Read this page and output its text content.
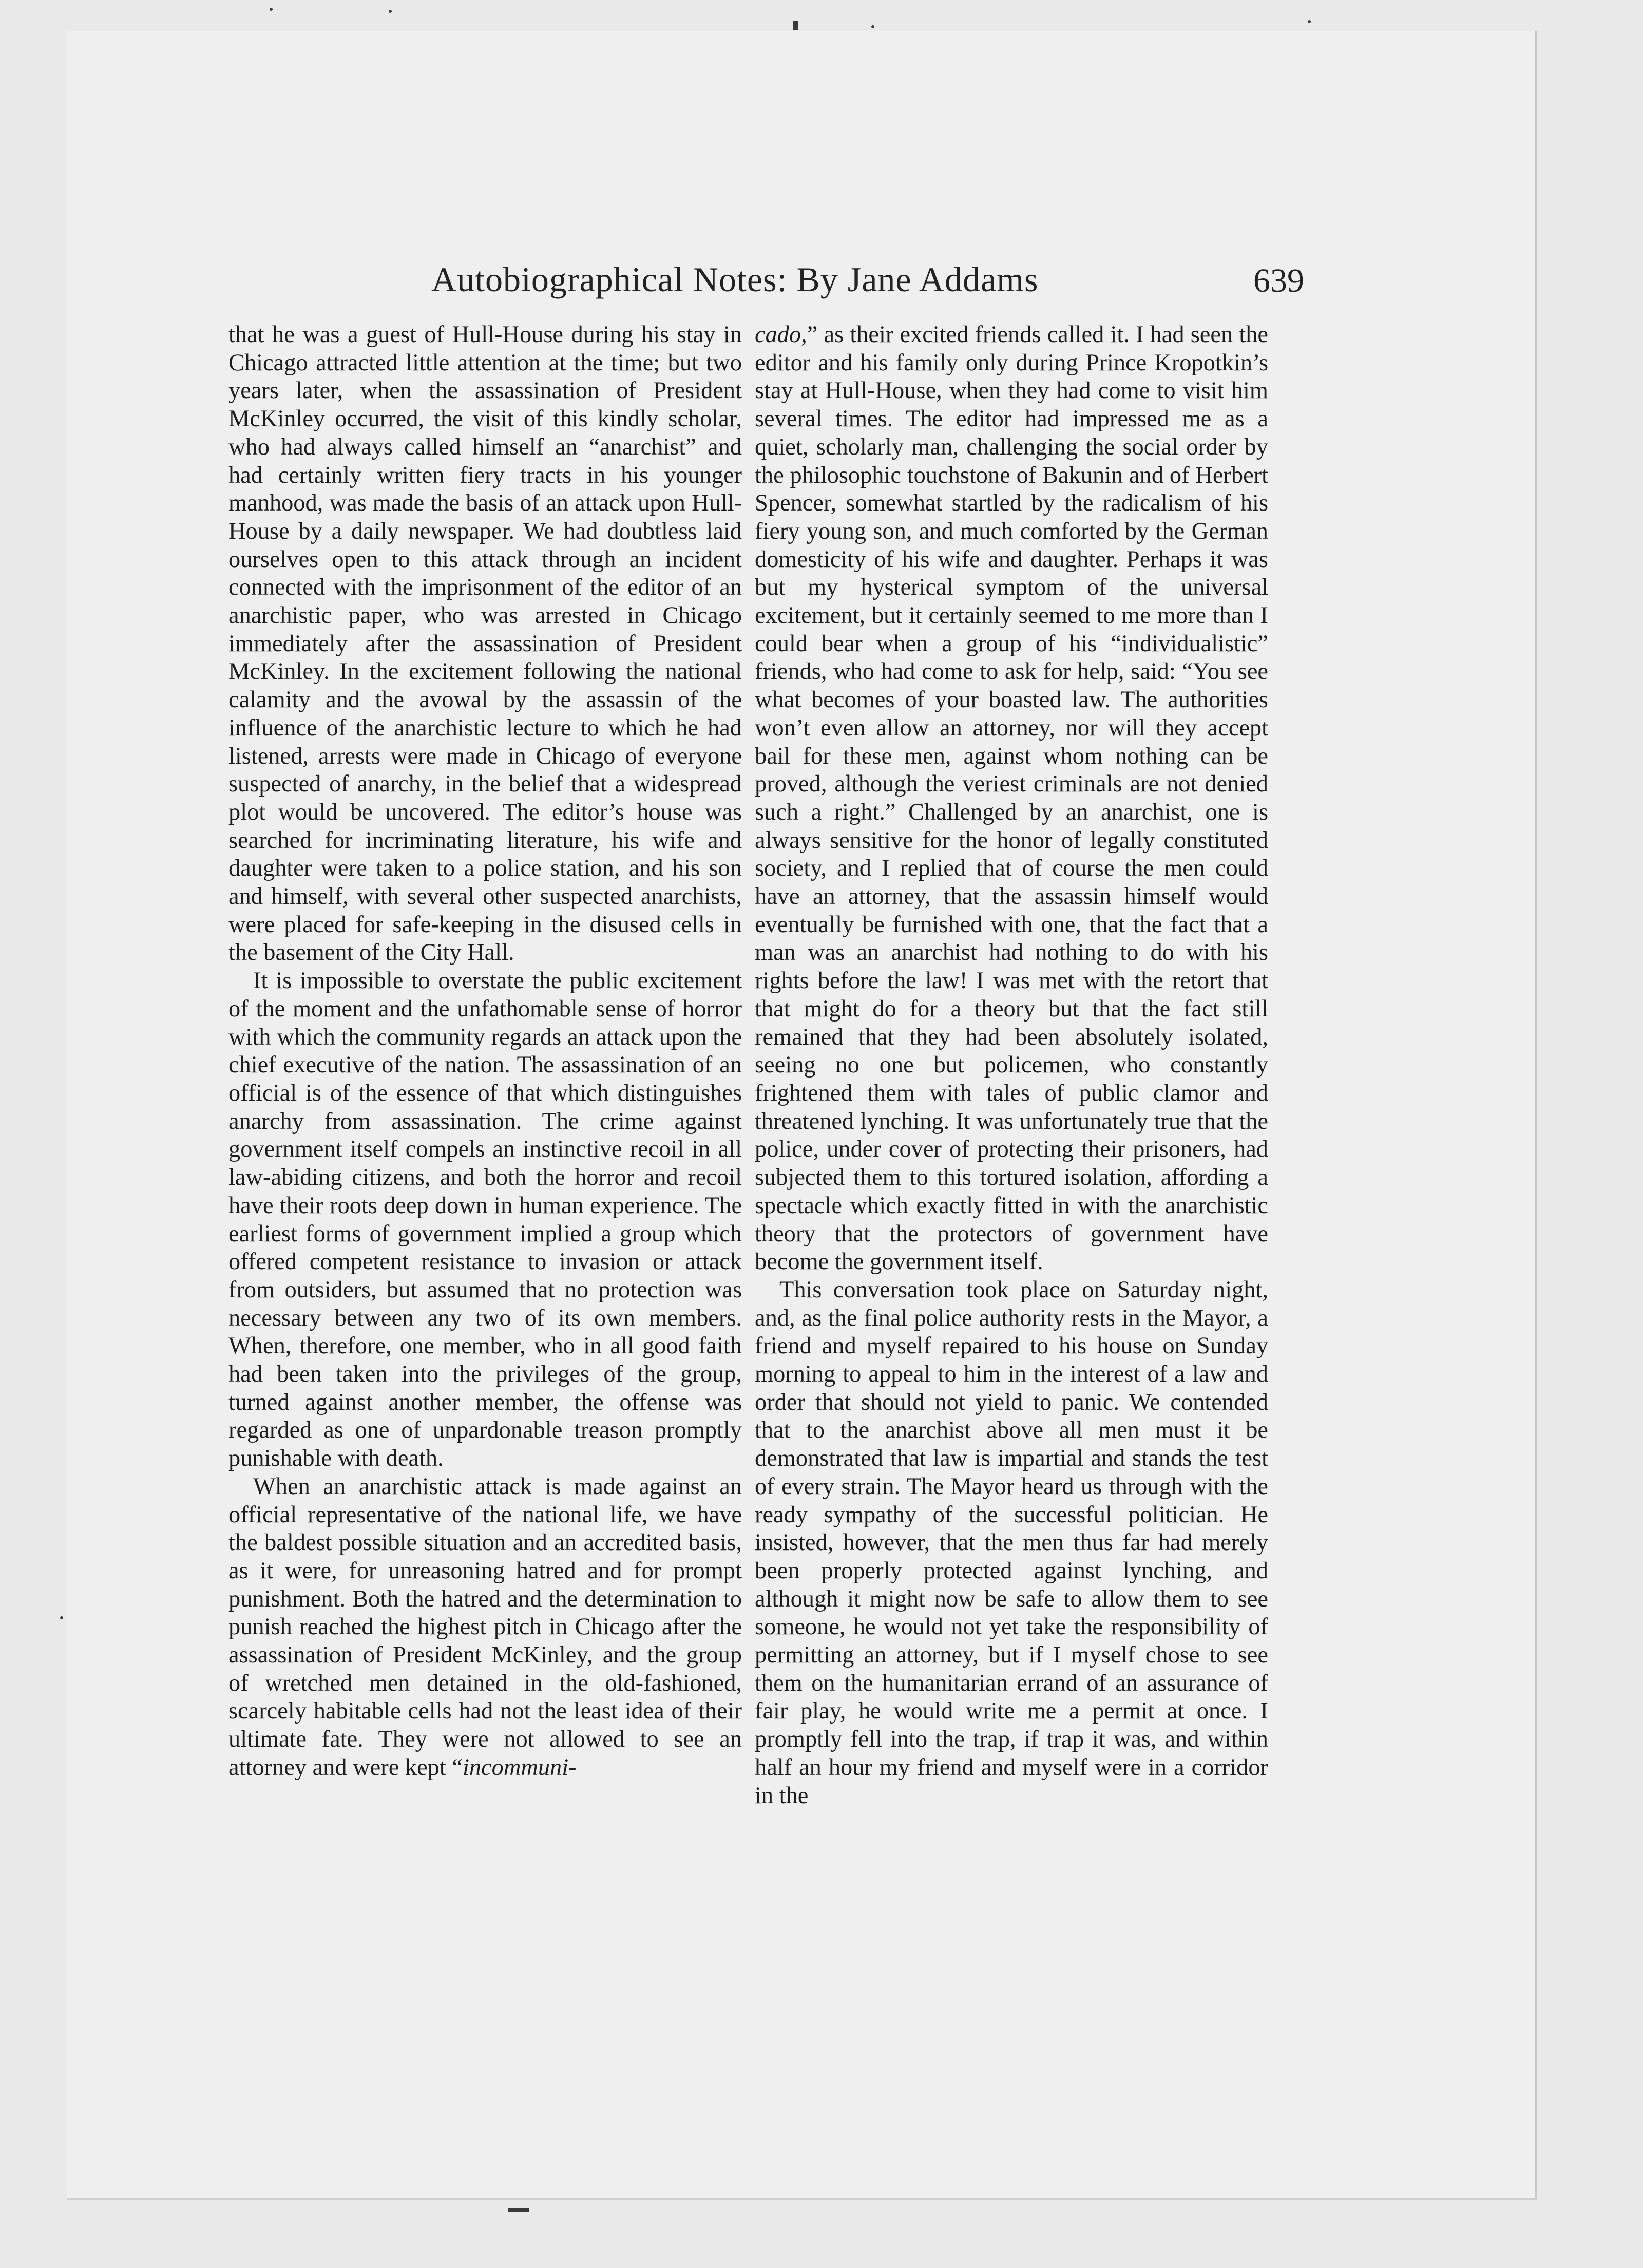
Autobiographical Notes: By Jane Addams	639

that he was a guest of Hull-House during his stay in Chicago attracted little attention at the time; but two years later, when the assassination of President McKinley occurred, the visit of this kindly scholar, who had always called himself an “anarchist” and had certainly written fiery tracts in his younger manhood, was made the basis of an attack upon Hull-House by a daily newspaper. We had doubtless laid ourselves open to this attack through an incident connected with the imprisonment of the editor of an anarchistic paper, who was arrested in Chicago immediately after the assassination of President McKinley. In the excitement following the national calamity and the avowal by the assassin of the influence of the anarchistic lecture to which he had listened, arrests were made in Chicago of everyone suspected of anarchy, in the belief that a widespread plot would be uncovered. The editor’s house was searched for incriminating literature, his wife and daughter were taken to a police station, and his son and himself, with several other suspected anarchists, were placed for safe-keeping in the disused cells in the basement of the City Hall.

It is impossible to overstate the public excitement of the moment and the unfathomable sense of horror with which the community regards an attack upon the chief executive of the nation. The assassination of an official is of the essence of that which distinguishes anarchy from assassination. The crime against government itself compels an instinctive recoil in all law-abiding citizens, and both the horror and recoil have their roots deep down in human experience. The earliest forms of government implied a group which offered competent resistance to invasion or attack from outsiders, but assumed that no protection was necessary between any two of its own members. When, therefore, one member, who in all good faith had been taken into the privileges of the group, turned against another member, the offense was regarded as one of unpardonable treason promptly punishable with death.

When an anarchistic attack is made against an official representative of the national life, we have the baldest possible situation and an accredited basis, as it were, for unreasoning hatred and for prompt punishment. Both the hatred and the determination to punish reached the highest pitch in Chicago after the assassination of President McKinley, and the group of wretched men detained in the old-fashioned, scarcely habitable cells had not the least idea of their ultimate fate. They were not allowed to see an attorney and were kept “incommuni-

cado,” as their excited friends called it. I had seen the editor and his family only during Prince Kropotkin’s stay at Hull-House, when they had come to visit him several times. The editor had impressed me as a quiet, scholarly man, challenging the social order by the philosophic touchstone of Bakunin and of Herbert Spencer, somewhat startled by the radicalism of his fiery young son, and much comforted by the German domesticity of his wife and daughter. Perhaps it was but my hysterical symptom of the universal excitement, but it certainly seemed to me more than I could bear when a group of his “individualistic” friends, who had come to ask for help, said: “You see what becomes of your boasted law. The authorities won’t even allow an attorney, nor will they accept bail for these men, against whom nothing can be proved, although the veriest criminals are not denied such a right.” Challenged by an anarchist, one is always sensitive for the honor of legally constituted society, and I replied that of course the men could have an attorney, that the assassin himself would eventually be furnished with one, that the fact that a man was an anarchist had nothing to do with his rights before the law! I was met with the retort that that might do for a theory but that the fact still remained that they had been absolutely isolated, seeing no one but policemen, who constantly frightened them with tales of public clamor and threatened lynching. It was unfortunately true that the police, under cover of protecting their prisoners, had subjected them to this tortured isolation, affording a spectacle which exactly fitted in with the anarchistic theory that the protectors of government have become the government itself.

This conversation took place on Saturday night, and, as the final police authority rests in the Mayor, a friend and myself repaired to his house on Sunday morning to appeal to him in the interest of a law and order that should not yield to panic. We contended that to the anarchist above all men must it be demonstrated that law is impartial and stands the test of every strain. The Mayor heard us through with the ready sympathy of the successful politician. He insisted, however, that the men thus far had merely been properly protected against lynching, and although it might now be safe to allow them to see someone, he would not yet take the responsibility of permitting an attorney, but if I myself chose to see them on the humanitarian errand of an assurance of fair play, he would write me a permit at once. I promptly fell into the trap, if trap it was, and within half an hour my friend and myself were in a corridor in the
